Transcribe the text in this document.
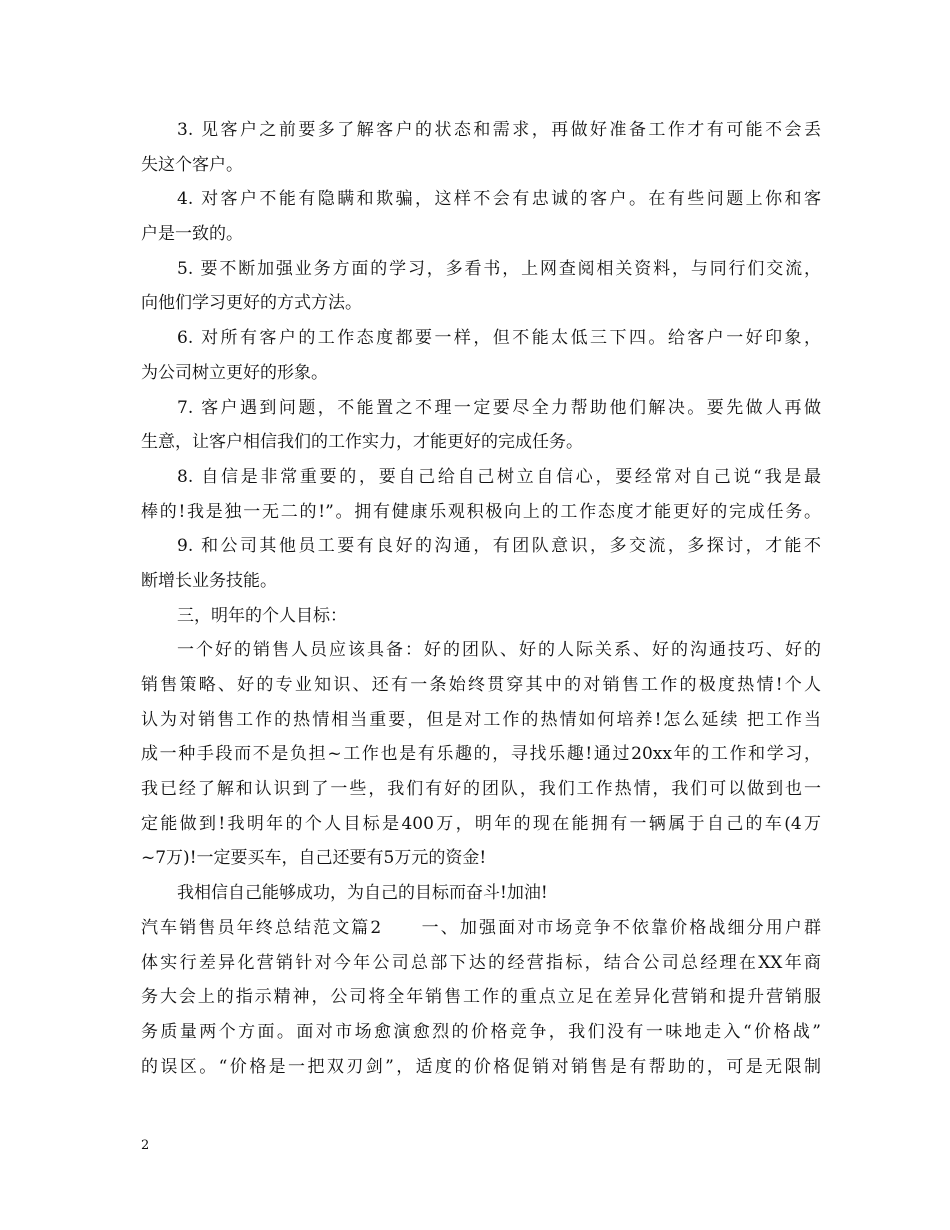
3. 见客户之前要多了解客户的状态和需求，再做好准备工作才有可能不会丢
失这个客户。
4. 对客户不能有隐瞒和欺骗，这样不会有忠诚的客户。在有些问题上你和客
户是一致的。
5. 要不断加强业务方面的学习，多看书，上网查阅相关资料，与同行们交流，
向他们学习更好的方式方法。
6. 对所有客户的工作态度都要一样，但不能太低三下四。给客户一好印象，
为公司树立更好的形象。
7. 客户遇到问题，不能置之不理一定要尽全力帮助他们解决。要先做人再做
生意，让客户相信我们的工作实力，才能更好的完成任务。
8. 自信是非常重要的，要自己给自己树立自信心，要经常对自己说“我是最
棒的!我是独一无二的!”。拥有健康乐观积极向上的工作态度才能更好的完成任务。
9. 和公司其他员工要有良好的沟通，有团队意识，多交流，多探讨，才能不
断增长业务技能。
三，明年的个人目标：
一个好的销售人员应该具备：好的团队、好的人际关系、好的沟通技巧、好的
销售策略、好的专业知识、还有一条始终贯穿其中的对销售工作的极度热情!个人
认为对销售工作的热情相当重要，但是对工作的热情如何培养!怎么延续 把工作当
成一种手段而不是负担~工作也是有乐趣的，寻找乐趣!通过20xx年的工作和学习，
我已经了解和认识到了一些，我们有好的团队，我们工作热情，我们可以做到也一
定能做到!我明年的个人目标是400万，明年的现在能拥有一辆属于自己的车(4万
~7万)!一定要买车，自己还要有5万元的资金!
我相信自己能够成功，为自己的目标而奋斗!加油!
汽车销售员年终总结范文篇2　　一、加强面对市场竞争不依靠价格战细分用户群
体实行差异化营销针对今年公司总部下达的经营指标，结合公司总经理在XX年商
务大会上的指示精神，公司将全年销售工作的重点立足在差异化营销和提升营销服
务质量两个方面。面对市场愈演愈烈的价格竞争，我们没有一味地走入“价格战”
的误区。“价格是一把双刃剑”，适度的价格促销对销售是有帮助的，可是无限制
2
